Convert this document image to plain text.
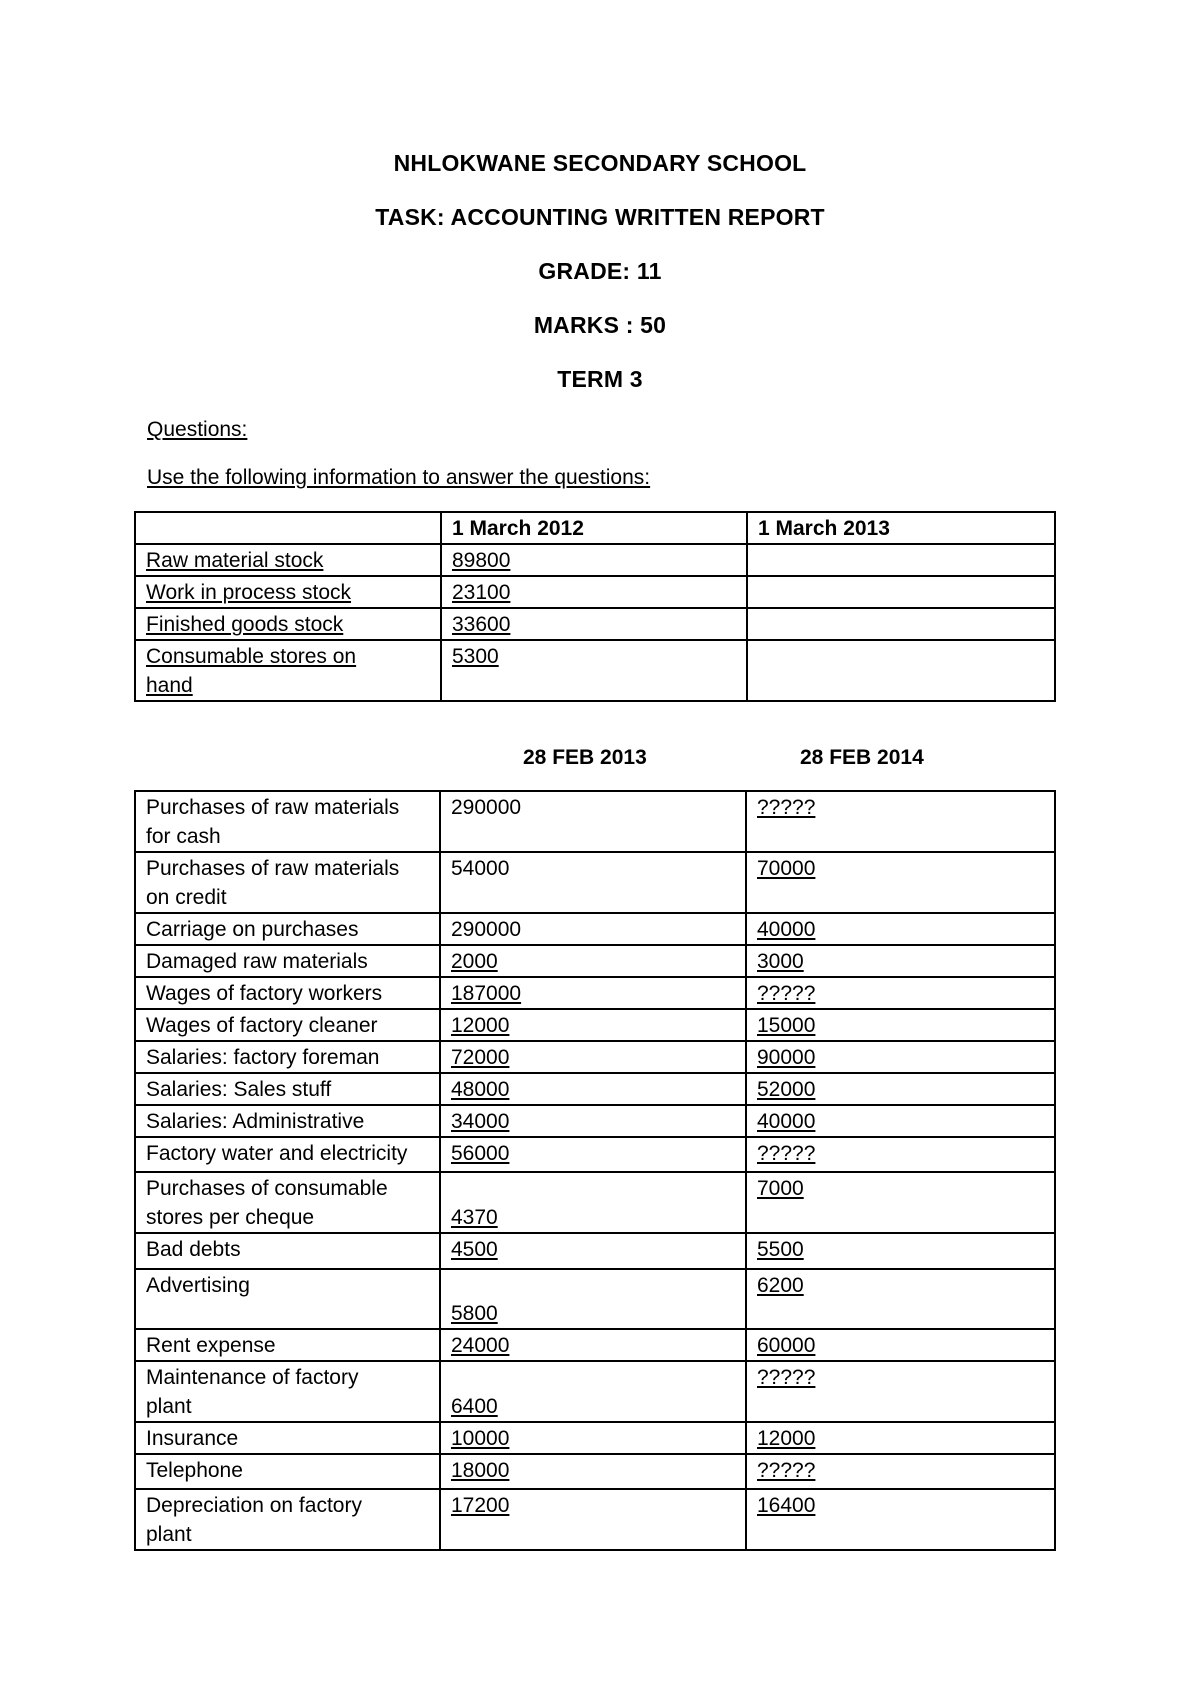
NHLOKWANE SECONDARY SCHOOL
TASK: ACCOUNTING WRITTEN REPORT
GRADE: 11
MARKS : 50
TERM 3
Questions:
Use the following information to answer the questions:
	1 March 2012	1 March 2013
Raw material stock	89800	
Work in process stock	23100	
Finished goods stock	33600	

Consumable stores on
hand	5300	
28 FEB 2013	28 FEB 2014
Purchases of raw materials
for cash	290000	?????

Purchases of raw materials
on credit	54000	70000
Carriage on purchases	290000	40000
Damaged raw materials	2000	3000
Wages of factory workers	187000	?????
Wages of factory cleaner	12000	15000
Salaries: factory foreman	72000	90000
Salaries: Sales stuff	48000	52000
Salaries: Administrative	34000	40000
Factory water and electricity	56000	?????

Purchases of consumable
stores per cheque	4370	7000
Bad debts	4500	5500
Advertising	5800	6200
Rent expense	24000	60000

Maintenance of factory
plant	6400	?????
Insurance	10000	12000
Telephone	18000	?????

Depreciation on factory
plant	17200	16400
